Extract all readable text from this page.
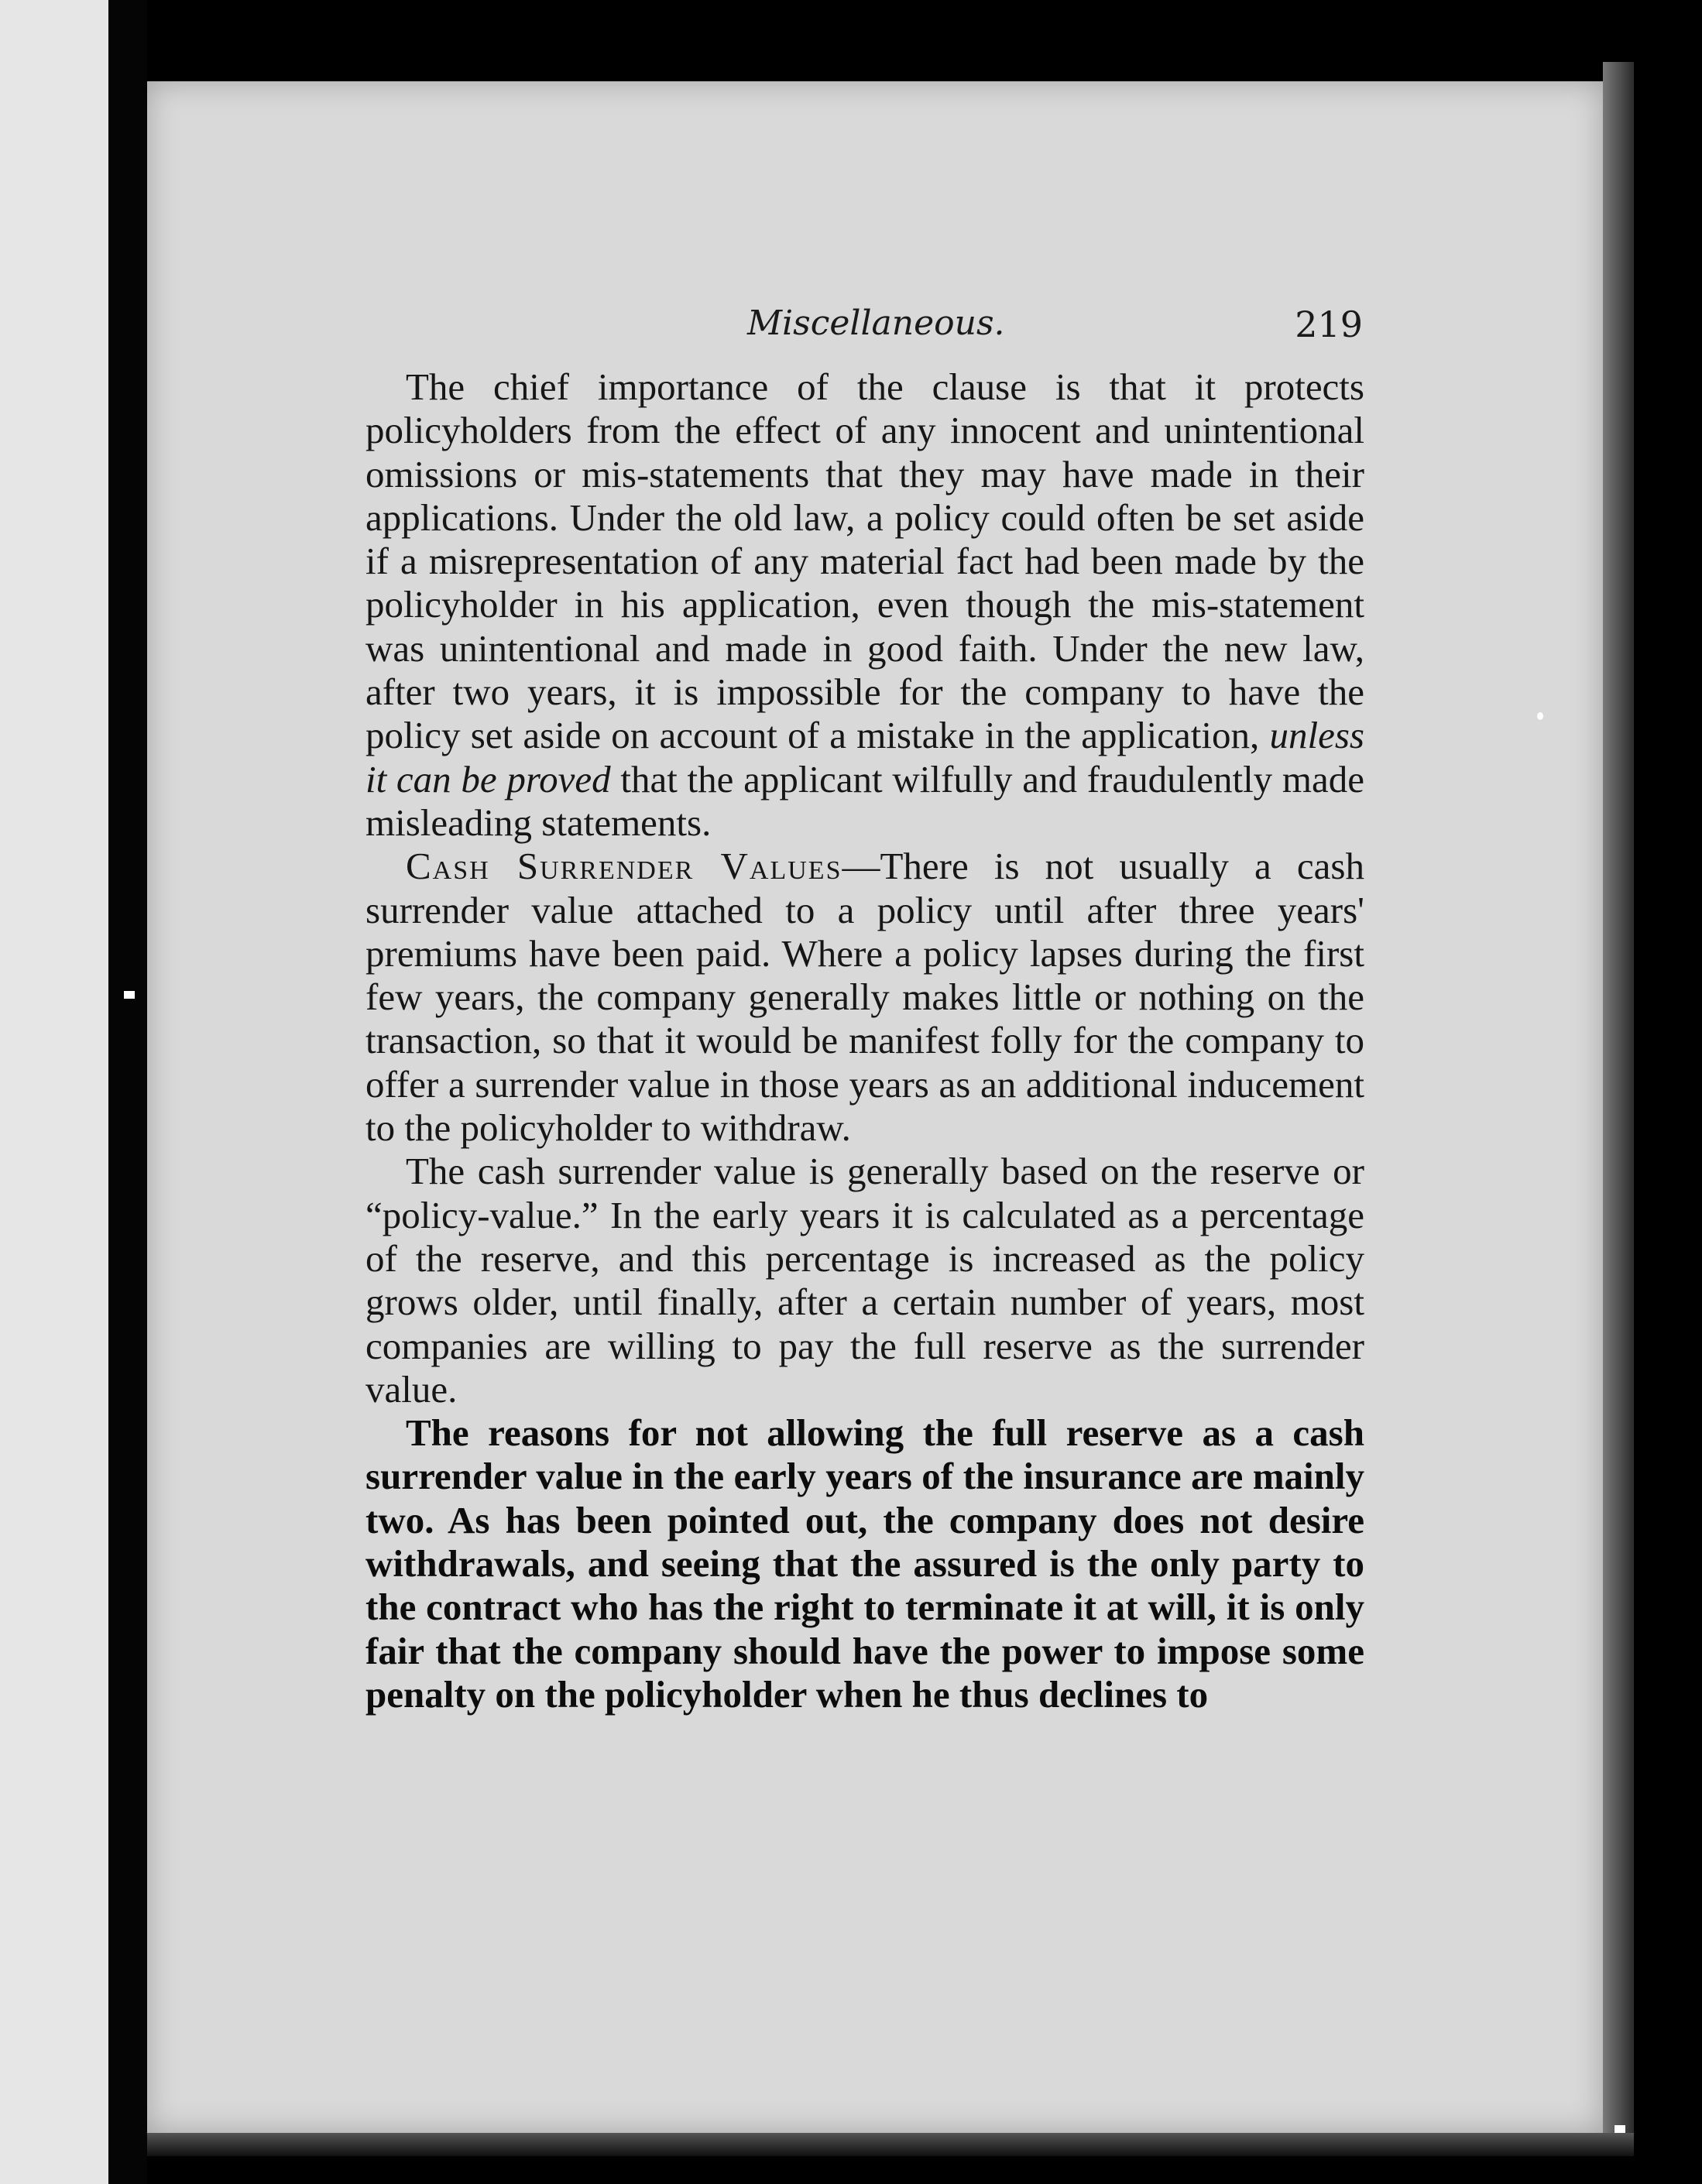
Miscellaneous.	219

The chief importance of the clause is that it protects policyholders from the effect of any innocent and unintentional omissions or mis-statements that they may have made in their applications. Under the old law, a policy could often be set aside if a misrepresentation of any material fact had been made by the policyholder in his application, even though the mis-statement was unintentional and made in good faith. Under the new law, after two years, it is impossible for the company to have the policy set aside on account of a mistake in the application, unless it can be proved that the applicant wilfully and fraudulently made misleading statements.

Cash Surrender Values—There is not usually a cash surrender value attached to a policy until after three years' premiums have been paid. Where a policy lapses during the first few years, the company generally makes little or nothing on the transaction, so that it would be manifest folly for the company to offer a surrender value in those years as an additional inducement to the policyholder to withdraw.

The cash surrender value is generally based on the reserve or “policy-value.” In the early years it is calculated as a percentage of the reserve, and this percentage is increased as the policy grows older, until finally, after a certain number of years, most companies are willing to pay the full reserve as the surrender value.

The reasons for not allowing the full reserve as a cash surrender value in the early years of the insurance are mainly two. As has been pointed out, the company does not desire withdrawals, and seeing that the assured is the only party to the contract who has the right to terminate it at will, it is only fair that the company should have the power to impose some penalty on the policyholder when he thus declines to
